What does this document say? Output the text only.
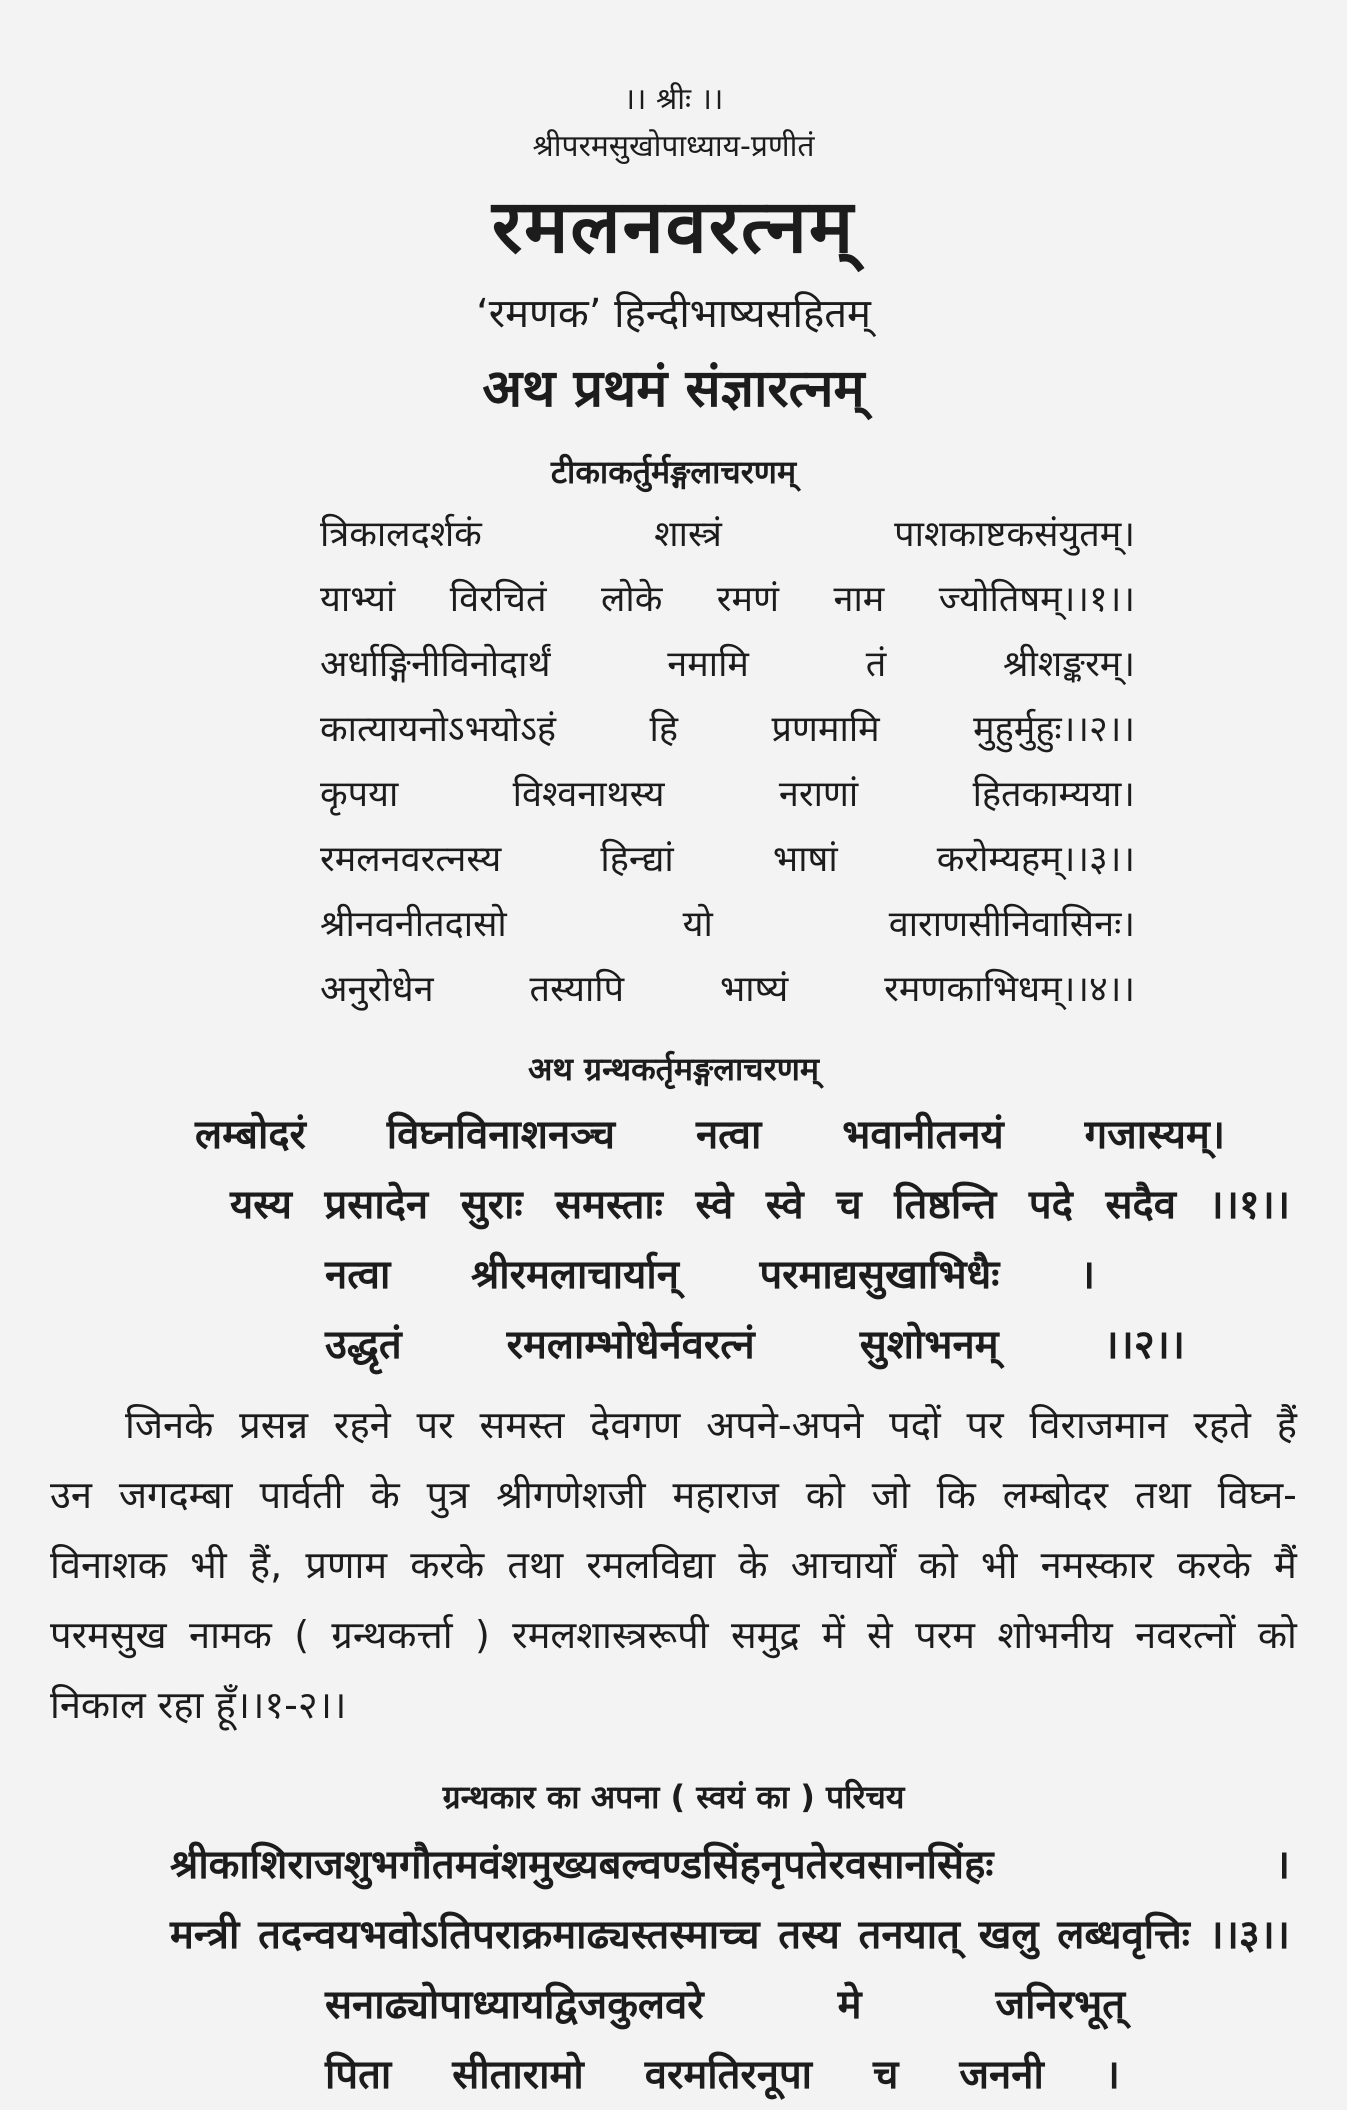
।। श्रीः ।।
श्रीपरमसुखोपाध्याय-प्रणीतं
रमलनवरत्नम्
‘रमणक’ हिन्दीभाष्यसहितम्
अथ प्रथमं संज्ञारत्नम्
टीकाकर्तुर्मङ्गलाचरणम्
त्रिकालदर्शकं	शास्त्रं	पाशकाष्टकसंयुतम्।
याभ्यां विरचितं लोके रमणं नाम ज्योतिषम्।।१।।
अर्धाङ्गिनीविनोदार्थं	नमामि	तं	श्रीशङ्करम्।
कात्यायनोऽभयोऽहं	हि	प्रणमामि	मुहुर्मुहुः।।२।।
कृपया	विश्वनाथस्य	नराणां	हितकाम्यया।
रमलनवरत्नस्य	हिन्द्यां	भाषां	करोम्यहम्।।३।।
श्रीनवनीतदासो	यो	वाराणसीनिवासिनः।
अनुरोधेन	तस्यापि	भाष्यं	रमणकाभिधम्।।४।।
अथ ग्रन्थकर्तृमङ्गलाचरणम्
लम्बोदरं विघ्नविनाशनञ्च नत्वा भवानीतनयं गजास्यम्।
यस्य प्रसादेन सुराः समस्ताः स्वे स्वे च तिष्ठन्ति पदे सदैव ।।१।।
नत्वा श्रीरमलाचार्यान् परमाद्यसुखाभिधैः ।
उद्धृतं	रमलाम्भोधेर्नवरत्नं	सुशोभनम्	।।२।।
जिनके प्रसन्न रहने पर समस्त देवगण अपने-अपने पदों पर विराजमान रहते हैं
उन जगदम्बा पार्वती के पुत्र श्रीगणेशजी महाराज को जो कि लम्बोदर तथा विघ्न-
विनाशक भी हैं, प्रणाम करके तथा रमलविद्या के आचार्यों को भी नमस्कार करके मैं
परमसुख नामक ( ग्रन्थकर्त्ता ) रमलशास्त्ररूपी समुद्र में से परम शोभनीय नवरत्नों को
निकाल रहा हूँ।।१-२।।
ग्रन्थकार का अपना ( स्वयं का ) परिचय
श्रीकाशिराजशुभगौतमवंशमुख्यबल्वण्डसिंहनृपतेरवसानसिंहः	।
मन्त्री तदन्वयभवोऽतिपराक्रमाढ्यस्तस्माच्च तस्य तनयात् खलु लब्धवृत्तिः ।।३।।
सनाढ्योपाध्यायद्विजकुलवरे	मे	जनिरभूत्
पिता सीतारामो वरमतिरनूपा च जननी ।
